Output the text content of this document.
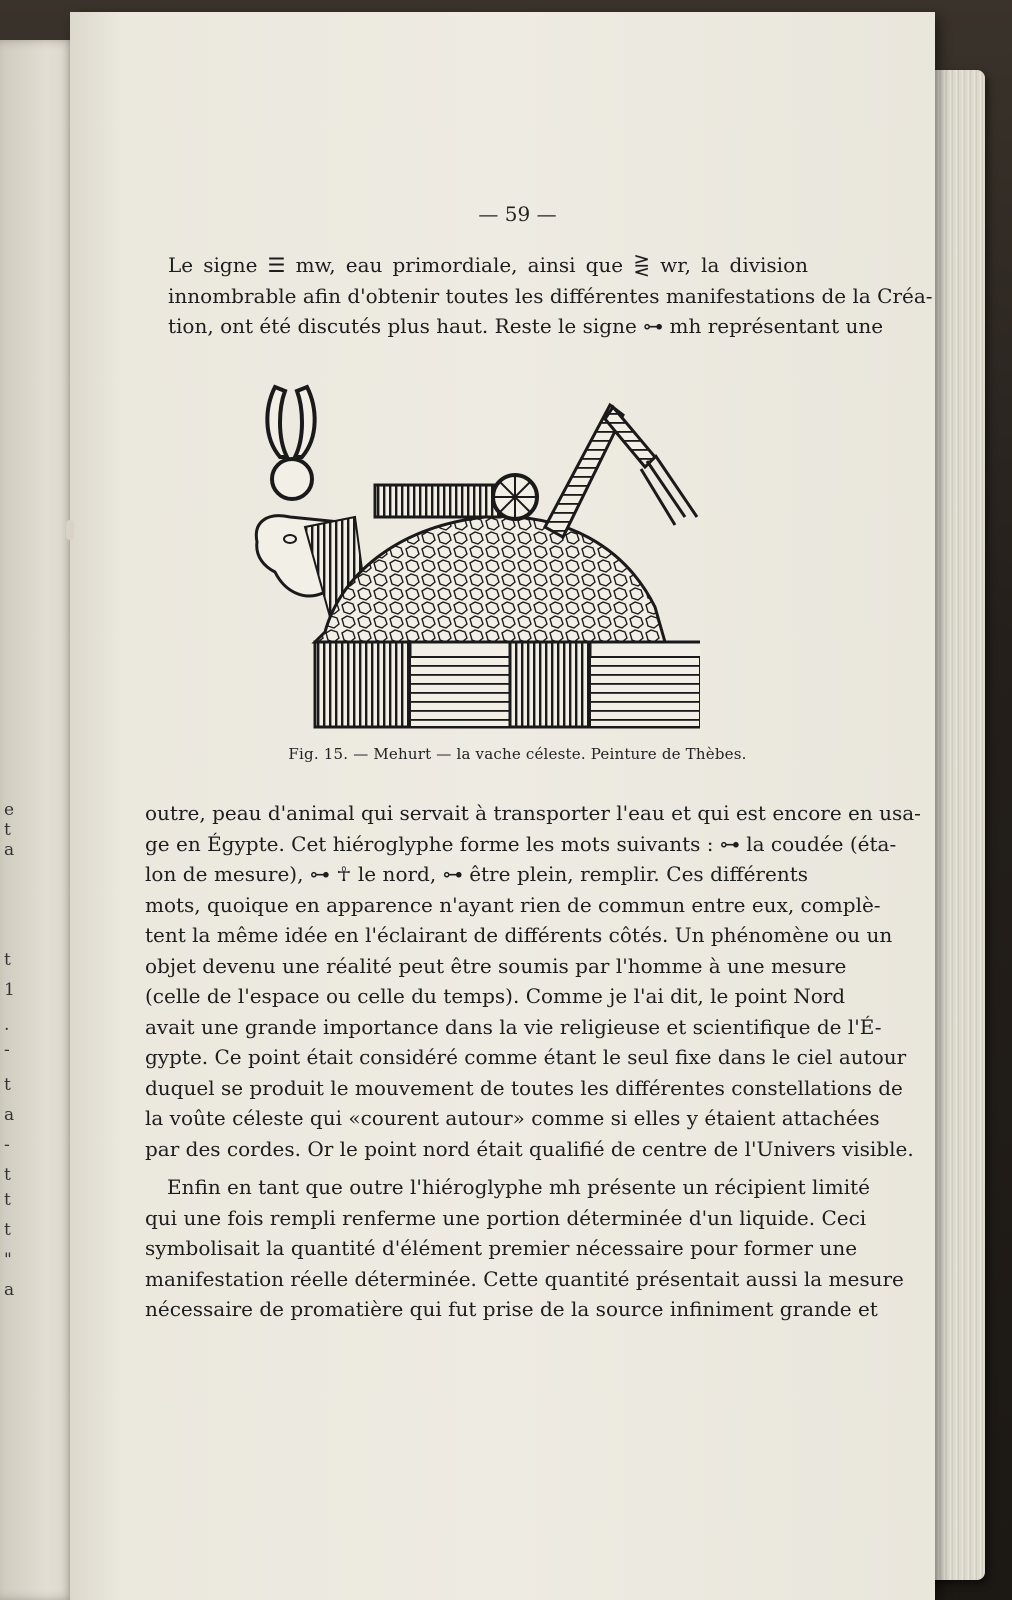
t
1
e
t
a
.
-
t
a
-
t
t
t
"
a
— 59 —
Le signe ☰ mw, eau primordiale, ainsi que ⋛ wr, la division
innombrable afin d'obtenir toutes les différentes manifestations de la Créa-
tion, ont été discutés plus haut. Reste le signe ⊶ mh représentant une
Fig. 15. — Mehurt — la vache céleste. Peinture de Thèbes.
outre, peau d'animal qui servait à transporter l'eau et qui est encore en usa-
ge en Égypte. Cet hiéroglyphe forme les mots suivants : ⊶ la coudée (éta-
lon de mesure), ⊶ ☥ le nord, ⊶ être plein, remplir. Ces différents
mots, quoique en apparence n'ayant rien de commun entre eux, complè-
tent la même idée en l'éclairant de différents côtés. Un phénomène ou un
objet devenu une réalité peut être soumis par l'homme à une mesure
(celle de l'espace ou celle du temps). Comme je l'ai dit, le point Nord
avait une grande importance dans la vie religieuse et scientifique de l'É-
gypte. Ce point était considéré comme étant le seul fixe dans le ciel autour
duquel se produit le mouvement de toutes les différentes constellations de
la voûte céleste qui «courent autour» comme si elles y étaient attachées
par des cordes. Or le point nord était qualifié de centre de l'Univers visible.
Enfin en tant que outre l'hiéroglyphe mh présente un récipient limité
qui une fois rempli renferme une portion déterminée d'un liquide. Ceci
symbolisait la quantité d'élément premier nécessaire pour former une
manifestation réelle déterminée. Cette quantité présentait aussi la mesure
nécessaire de promatière qui fut prise de la source infiniment grande et
